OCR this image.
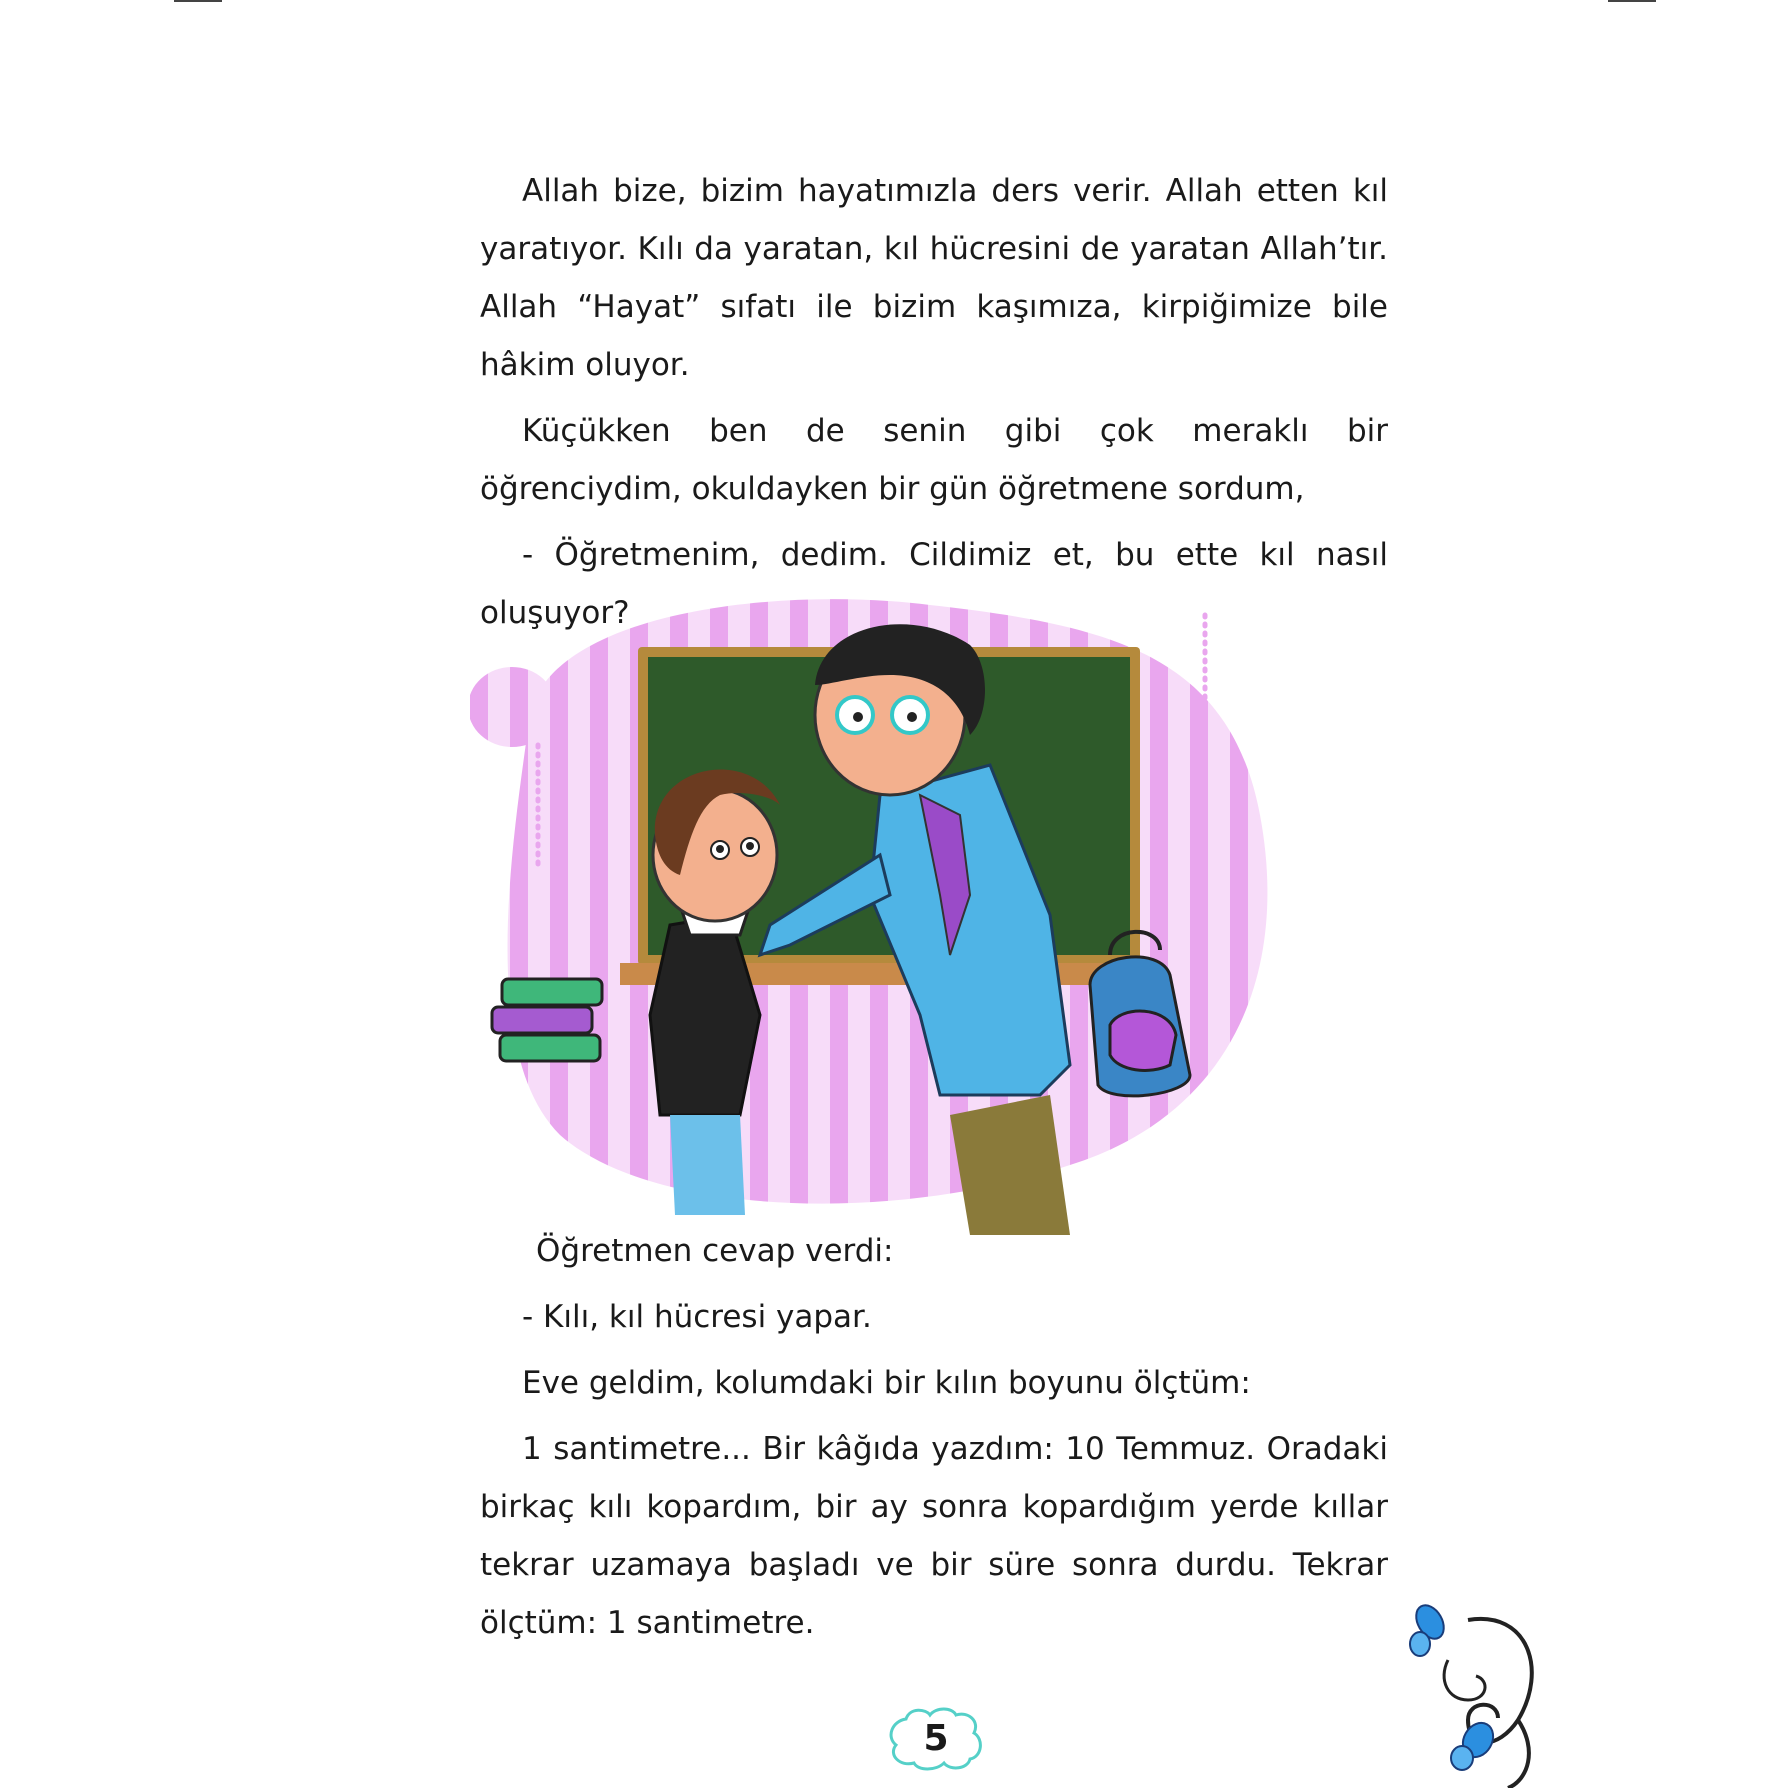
Allah bize, bizim hayatımızla ders verir. Allah etten kıl yaratıyor. Kılı da yaratan, kıl hücresini de yaratan Allah’tır. Allah “Hayat” sıfatı ile bizim kaşımıza, kirpiğimize bile hâkim oluyor.

Küçükken ben de senin gibi çok meraklı bir öğrenciydim, okuldayken bir gün öğretmene sordum,

- Öğretmenim, dedim. Cildimiz et, bu ette kıl nasıl oluşuyor?

Öğretmen cevap verdi:

- Kılı, kıl hücresi yapar.

Eve geldim, kolumdaki bir kılın boyunu ölçtüm:

1 santimetre... Bir kâğıda yazdım: 10 Temmuz. Oradaki birkaç kılı kopardım, bir ay sonra kopardığım yerde kıllar tekrar uzamaya başladı ve bir süre sonra durdu. Tekrar ölçtüm: 1 santimetre.

5
